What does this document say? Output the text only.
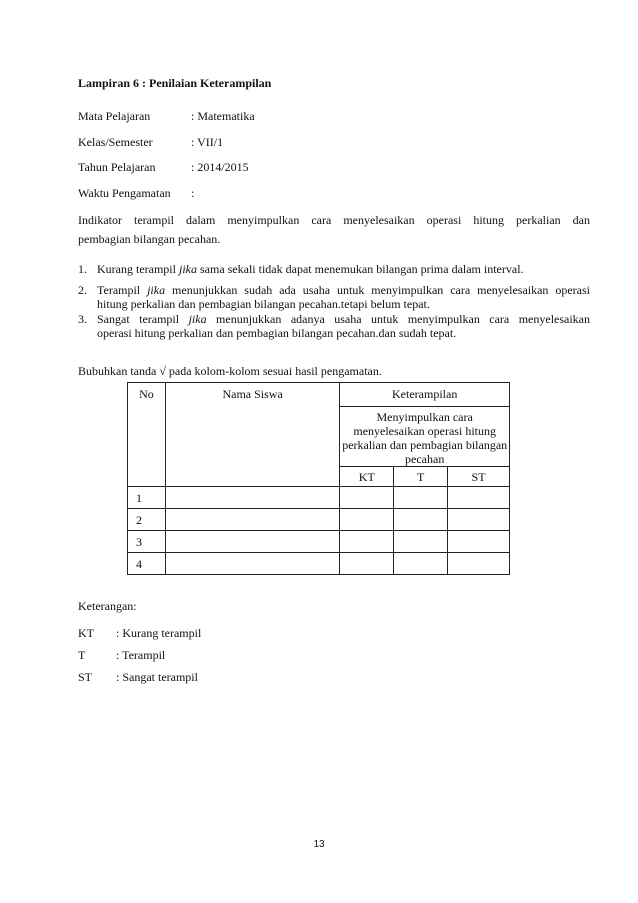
Lampiran 6 : Penilaian Keterampilan
Mata Pelajaran	: Matematika
Kelas/Semester	: VII/1
Tahun Pelajaran	: 2014/2015
Waktu Pengamatan :
Indikator terampil dalam menyimpulkan cara menyelesaikan operasi hitung perkalian dan
pembagian bilangan pecahan.
1. Kurang terampil jika sama sekali tidak dapat menemukan bilangan prima dalam interval.
2. Terampil jika menunjukkan sudah ada usaha untuk menyimpulkan cara menyelesaikan operasi
hitung perkalian dan pembagian bilangan pecahan.tetapi belum tepat.
3. Sangat terampil jika menunjukkan adanya usaha untuk menyimpulkan cara menyelesaikan
operasi hitung perkalian dan pembagian bilangan pecahan.dan sudah tepat.
Bubuhkan tanda √ pada kolom-kolom sesuai hasil pengamatan.
No	Nama Siswa	Keterampilan		

		Menyimpulkan cara
menyelesaikan operasi hitung
perkalian dan pembagian bilangan
pecahan		

		KT	T	ST
1				
2				
3				
4				
Keterangan:
KT : Kurang terampil
T	: Terampil
ST : Sangat terampil
13
